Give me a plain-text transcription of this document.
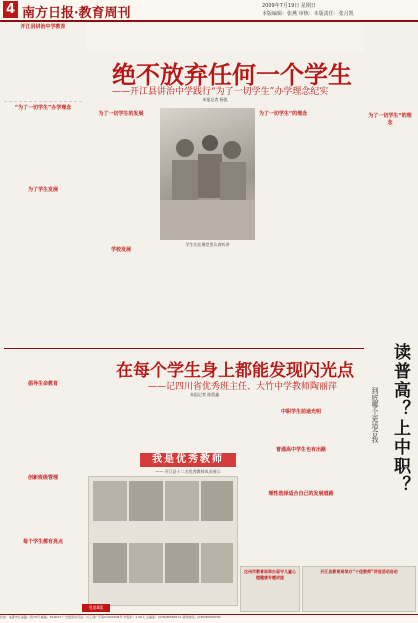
4 南方日报·教育周刊	2009年7月19日 星期日
本版编辑：张燕 审核：本版责任：张月凯
开江县讲治中学教育
“为了一切学生”办学理念
为了学生发展
绝不放弃任何一个学生
——开江县讲治中学践行“为了一切学生”办学理念纪实
本报记者 杨凯
为了一切学生的发展
学校发展
学生们在课堂里认真听讲
为了一切学生“的理念	为了一切学生“的理念
在每个学生身上都能发现闪光点
——记四川省优秀班主任、大竹中学教师陶丽萍
本报记者 陈凯鑫
倡导生命教育
创新班级管理
每个学生都有亮点
我是优秀教师
—— 开江县十二名优秀教师风采展示
中职学生前途光明
普通高中学生也有出路
理性选择适合自己的发展道路	读普高？上中职？
到底哪个更适合我
达州市教育局举办留守儿童心理健康专题讲座
开江县教育局举办“十佳教师”评选活动启动
见第6版
社址：成都市红星路二段70号 邮编：610012 广告经营许可证：川工商广字第51000008号 零售价：1.00元 总编室：(028)86968171 新闻热线：(028)86968282
